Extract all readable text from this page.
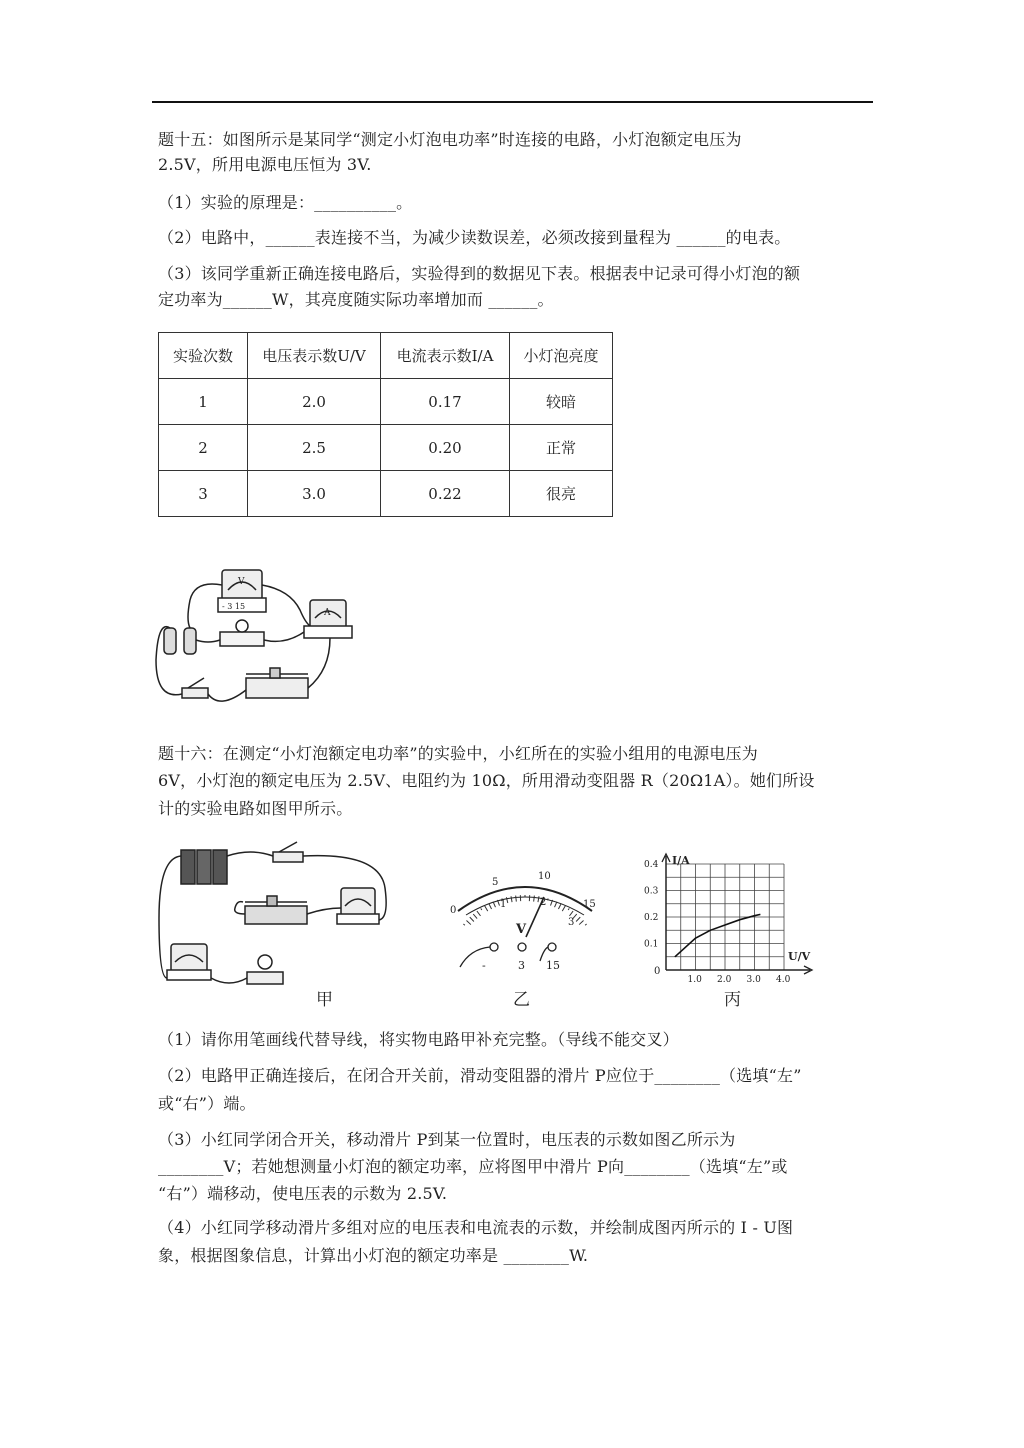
题十五：如图所示是某同学“测定小灯泡电功率”时连接的电路，小灯泡额定电压为
2.5V，所用电源电压恒为 3V.
（1）实验的原理是：__________。
（2）电路中，______表连接不当，为减少读数误差，必须改接到量程为 ______的电表。
（3）该同学重新正确连接电路后，实验得到的数据见下表。根据表中记录可得小灯泡的额
定功率为______W，其亮度随实际功率增加而 ______。
实验次数	电压表示数U/V	电流表示数I/A	小灯泡亮度
1	2.0	0.17	较暗
2	2.5	0.20	正常
3	3.0	0.22	很亮
V
- 3 15
A
题十六：在测定“小灯泡额定电功率”的实验中，小红所在的实验小组用的电源电压为
6V，小灯泡的额定电压为 2.5V、电阻约为 10Ω，所用滑动变阻器 R（20Ω1A）。她们所设
计的实验电路如图甲所示。
甲
0
5
10
15
1	2
3
V
-	3 15
乙
I/A
U/V
0.4
0.3
0.2
0.1
1.0 2.0 3.0 4.0
0
丙
（1）请你用笔画线代替导线，将实物电路甲补充完整。（导线不能交叉）
（2）电路甲正确连接后，在闭合开关前，滑动变阻器的滑片 P应位于________（选填“左”
或“右”）端。
（3）小红同学闭合开关，移动滑片 P到某一位置时，电压表的示数如图乙所示为
________V；若她想测量小灯泡的额定功率，应将图甲中滑片 P向________（选填“左”或
“右”）端移动，使电压表的示数为 2.5V.
（4）小红同学移动滑片多组对应的电压表和电流表的示数，并绘制成图丙所示的 I - U图
象，根据图象信息，计算出小灯泡的额定功率是 ________W.
